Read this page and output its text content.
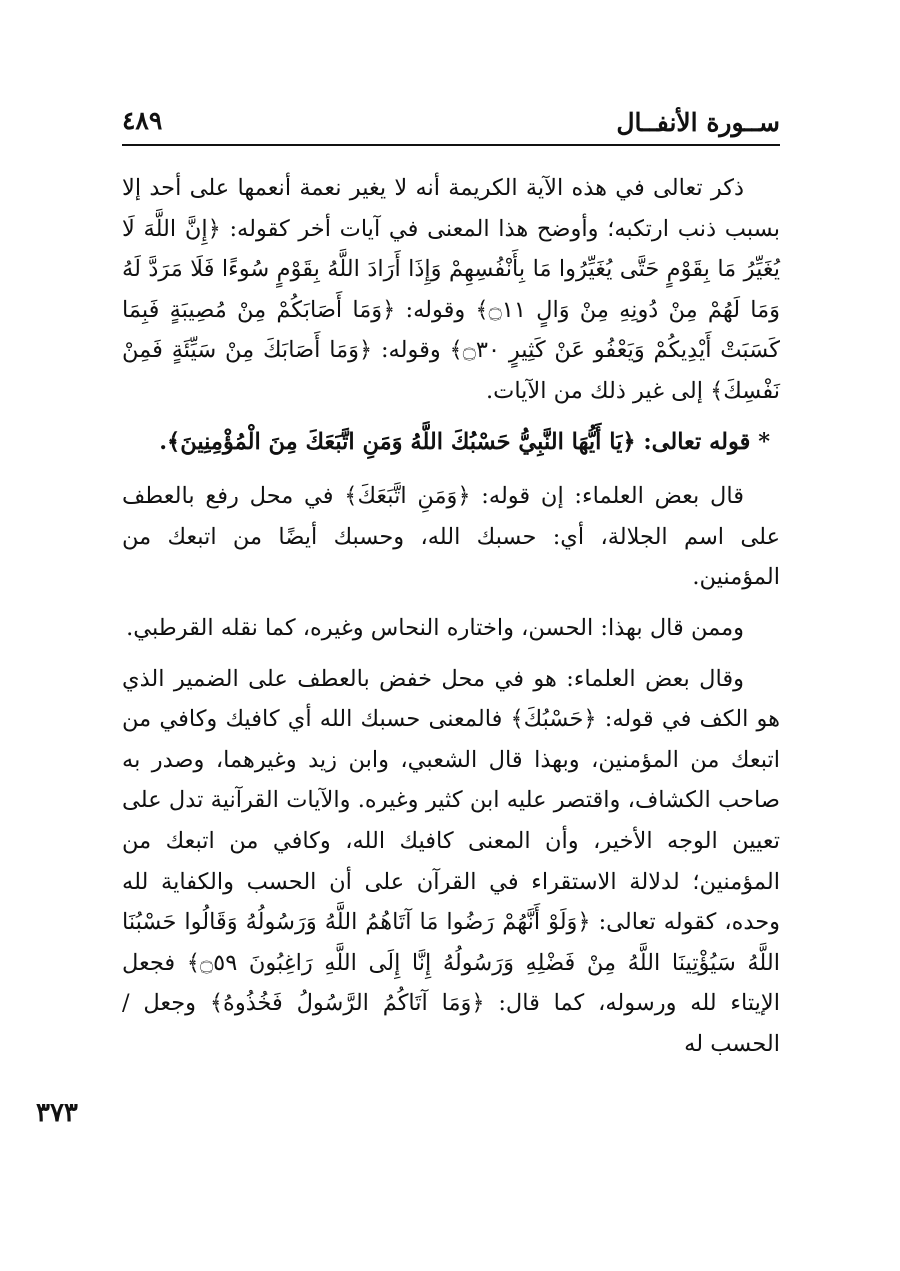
ســورة الأنفــال
٤٨٩

ذكر تعالى في هذه الآية الكريمة أنه لا يغير نعمة أنعمها على أحد إلا بسبب ذنب ارتكبه؛ وأوضح هذا المعنى في آيات أخر كقوله: ﴿إِنَّ اللَّهَ لَا يُغَيِّرُ مَا بِقَوْمٍ حَتَّى يُغَيِّرُوا مَا بِأَنْفُسِهِمْ وَإِذَا أَرَادَ اللَّهُ بِقَوْمٍ سُوءًا فَلَا مَرَدَّ لَهُ وَمَا لَهُمْ مِنْ دُونِهِ مِنْ وَالٍ ۝١١﴾ وقوله: ﴿وَمَا أَصَابَكُمْ مِنْ مُصِيبَةٍ فَبِمَا كَسَبَتْ أَيْدِيكُمْ وَيَعْفُو عَنْ كَثِيرٍ ۝٣٠﴾ وقوله: ﴿وَمَا أَصَابَكَ مِنْ سَيِّئَةٍ فَمِنْ نَفْسِكَ﴾ إلى غير ذلك من الآيات.

* قوله تعالى: ﴿يَا أَيُّهَا النَّبِيُّ حَسْبُكَ اللَّهُ وَمَنِ اتَّبَعَكَ مِنَ الْمُؤْمِنِينَ﴾.

قال بعض العلماء: إن قوله: ﴿وَمَنِ اتَّبَعَكَ﴾ في محل رفع بالعطف على اسم الجلالة، أي: حسبك الله، وحسبك أيضًا من اتبعك من المؤمنين.

وممن قال بهذا: الحسن، واختاره النحاس وغيره، كما نقله القرطبي.

وقال بعض العلماء: هو في محل خفض بالعطف على الضمير الذي هو الكف في قوله: ﴿حَسْبُكَ﴾ فالمعنى حسبك الله أي كافيك وكافي من اتبعك من المؤمنين، وبهذا قال الشعبي، وابن زيد وغيرهما، وصدر به صاحب الكشاف، واقتصر عليه ابن كثير وغيره. والآيات القرآنية تدل على تعيين الوجه الأخير، وأن المعنى كافيك الله، وكافي من اتبعك من المؤمنين؛ لدلالة الاستقراء في القرآن على أن الحسب والكفاية لله وحده، كقوله تعالى: ﴿وَلَوْ أَنَّهُمْ رَضُوا مَا آتَاهُمُ اللَّهُ وَرَسُولُهُ وَقَالُوا حَسْبُنَا اللَّهُ سَيُؤْتِينَا اللَّهُ مِنْ فَضْلِهِ وَرَسُولُهُ إِنَّا إِلَى اللَّهِ رَاغِبُونَ ۝٥٩﴾ فجعل الإيتاء لله ورسوله، كما قال: ﴿وَمَا آتَاكُمُ الرَّسُولُ فَخُذُوهُ﴾ وجعل / الحسب له

٣٧٣
